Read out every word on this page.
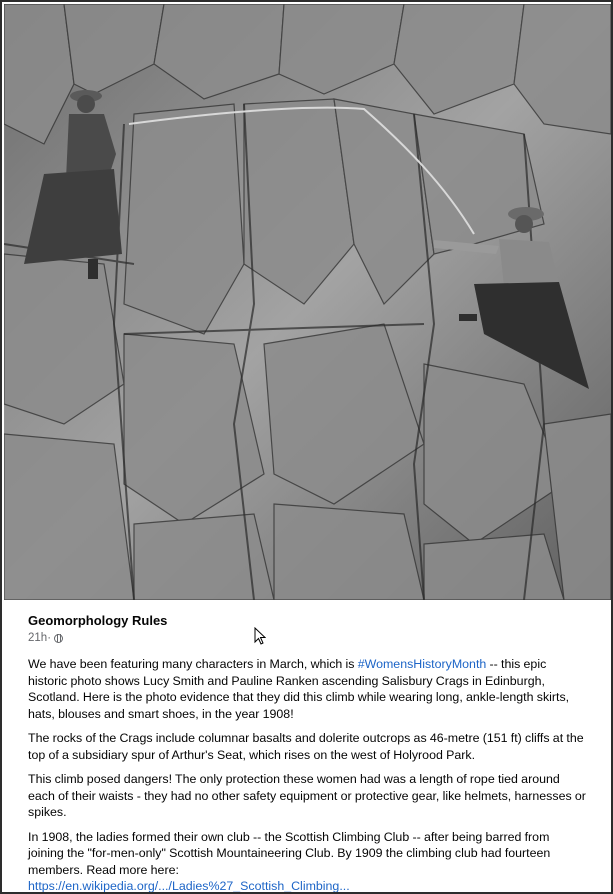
Geomorphology Rules
21h ·

We have been featuring many characters in March, which is #WomensHistoryMonth -- this epic historic photo shows Lucy Smith and Pauline Ranken ascending Salisbury Crags in Edinburgh, Scotland. Here is the photo evidence that they did this climb while wearing long, ankle-length skirts, hats, blouses and smart shoes, in the year 1908!

The rocks of the Crags include columnar basalts and dolerite outcrops as 46-metre (151 ft) cliffs at the top of a subsidiary spur of Arthur's Seat, which rises on the west of Holyrood Park.

This climb posed dangers! The only protection these women had was a length of rope tied around each of their waists - they had no other safety equipment or protective gear, like helmets, harnesses or spikes.

In 1908, the ladies formed their own club -- the Scottish Climbing Club -- after being barred from joining the "for-men-only" Scottish Mountaineering Club. By 1909 the climbing club had fourteen members. Read more here:
https://en.wikipedia.org/.../Ladies%27_Scottish_Climbing...
